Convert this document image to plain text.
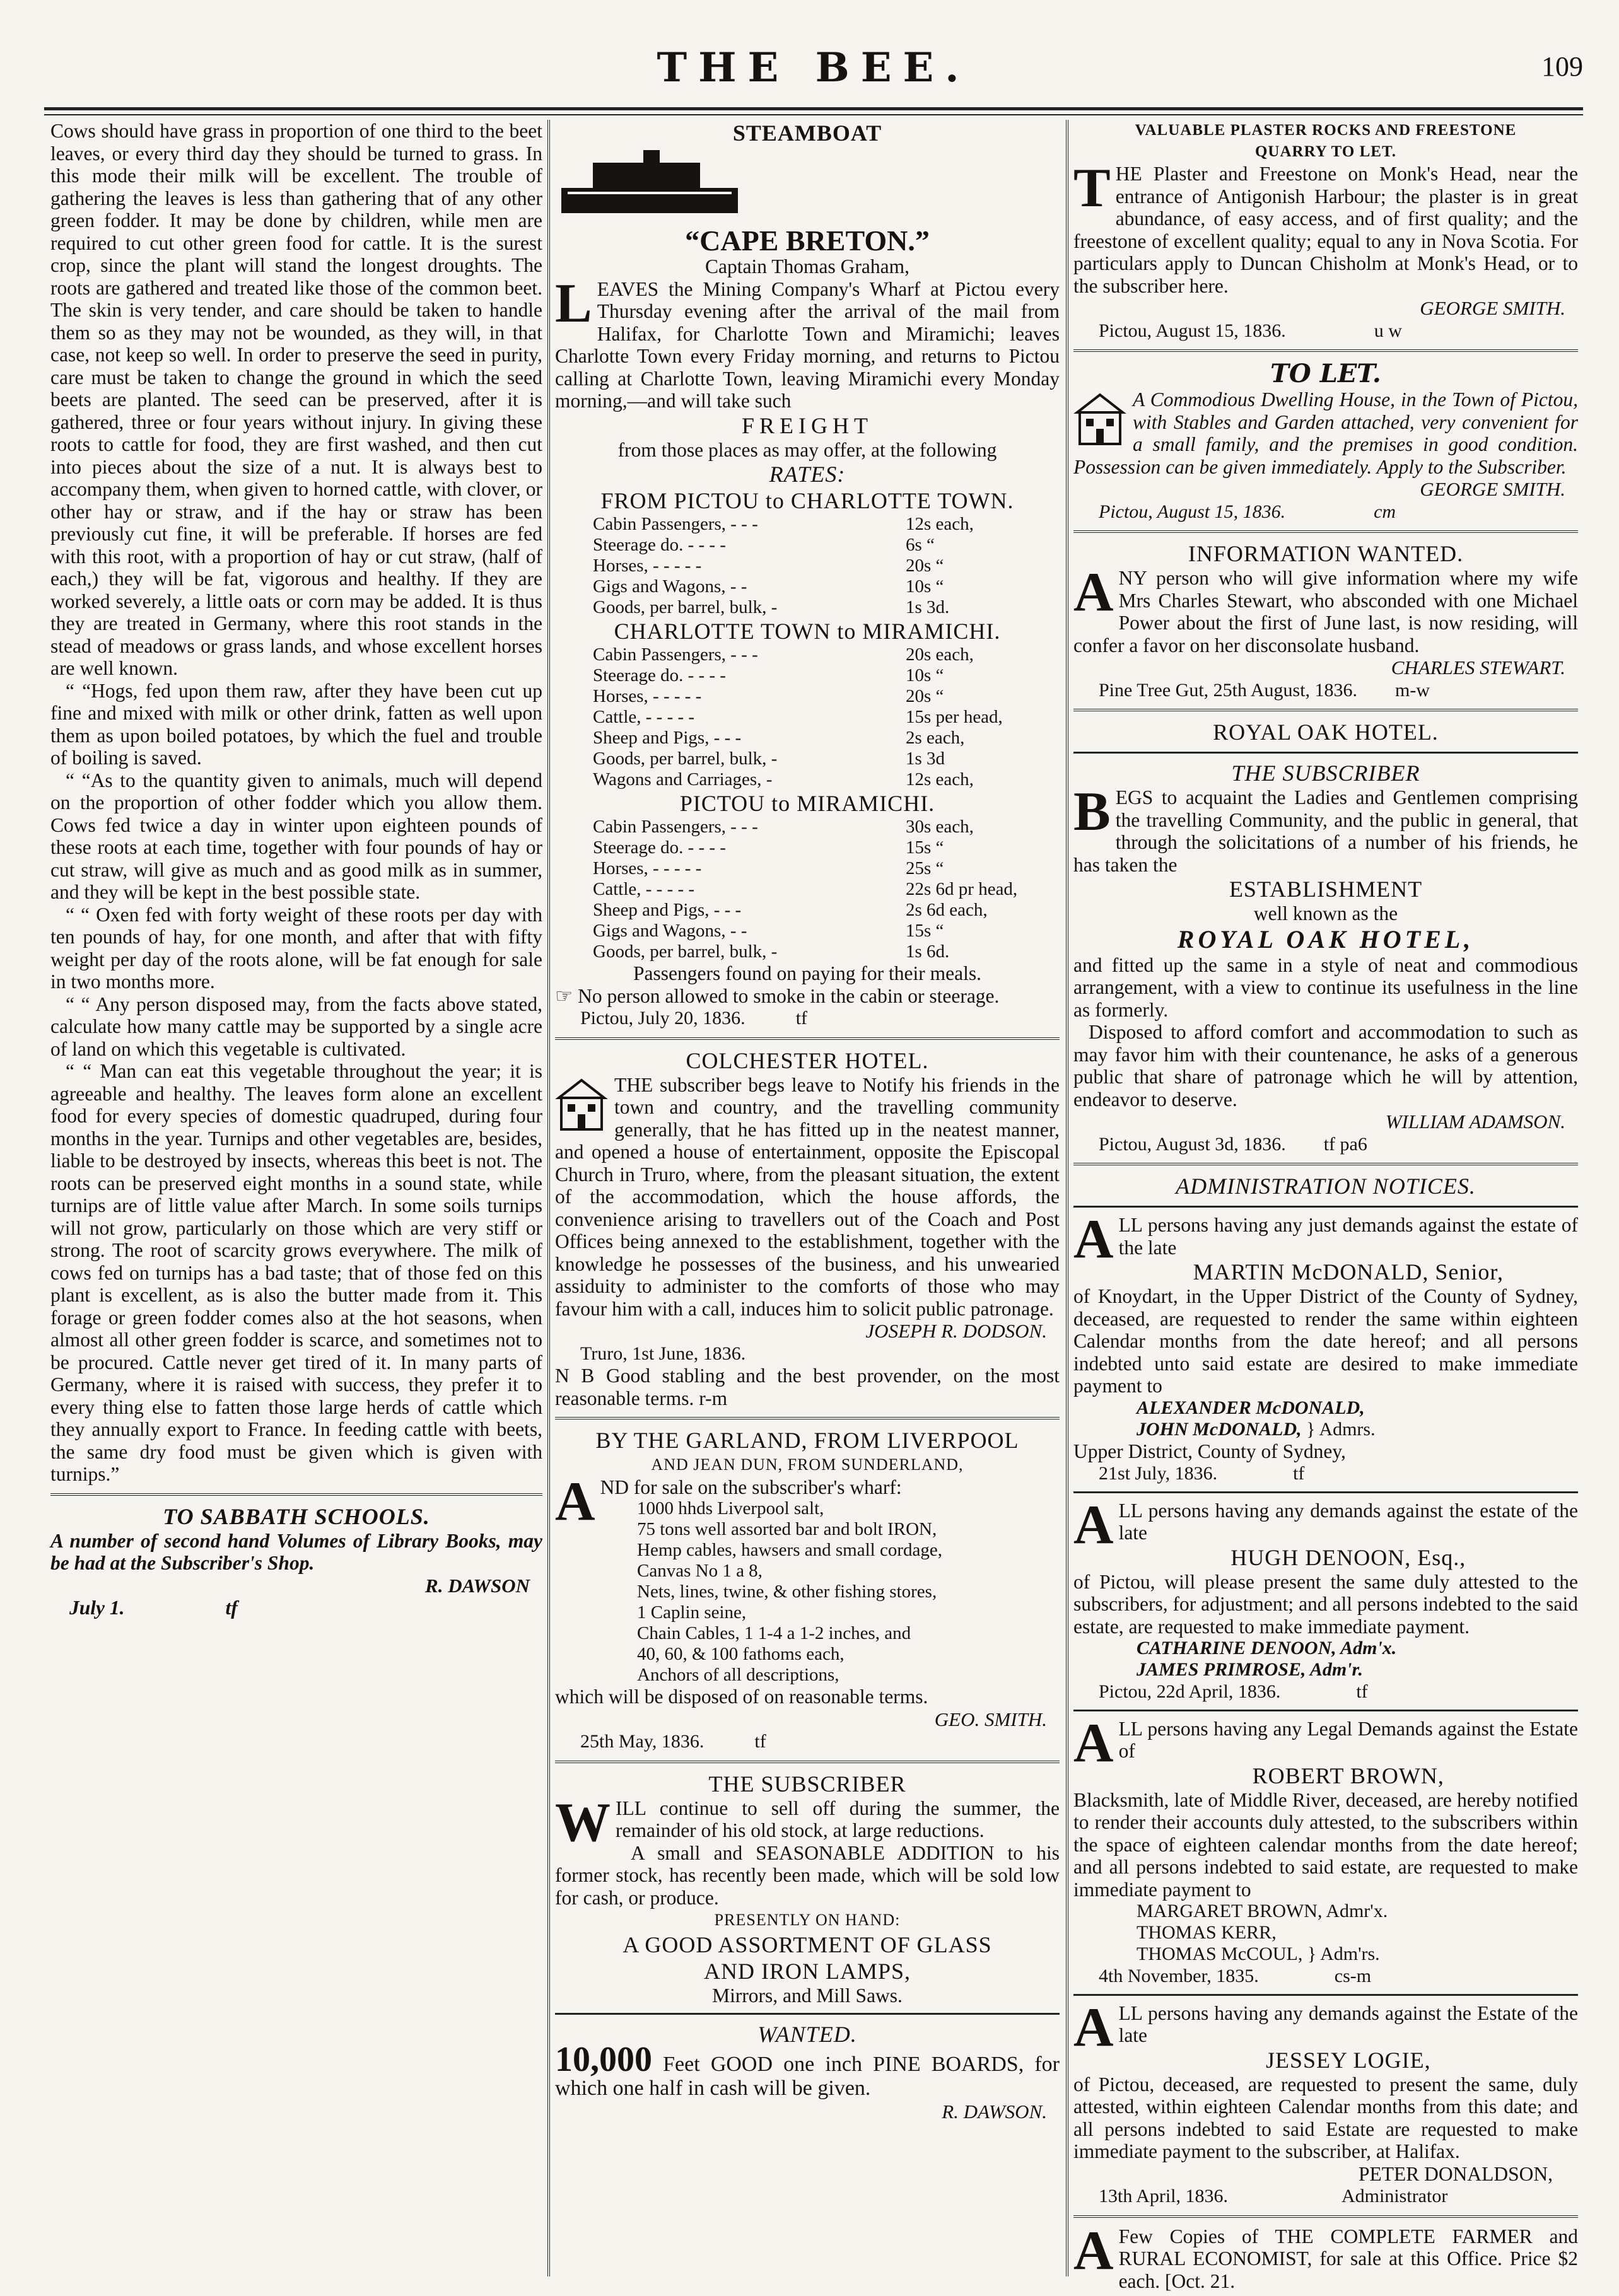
THE BEE.	109

Cows should have grass in proportion of one third to the beet leaves, or every third day they should be turned to grass. In this mode their milk will be excellent. The trouble of gathering the leaves is less than gathering that of any other green fodder. It may be done by children, while men are required to cut other green food for cattle. It is the surest crop, since the plant will stand the longest droughts. The roots are gathered and treated like those of the common beet. The skin is very tender, and care should be taken to handle them so as they may not be wounded, as they will, in that case, not keep so well. In order to preserve the seed in purity, care must be taken to change the ground in which the seed beets are planted. The seed can be preserved, after it is gathered, three or four years without injury. In giving these roots to cattle for food, they are first washed, and then cut into pieces about the size of a nut. It is always best to accompany them, when given to horned cattle, with clover, or other hay or straw, and if the hay or straw has been previously cut fine, it will be preferable. If horses are fed with this root, with a proportion of hay or cut straw, (half of each,) they will be fat, vigorous and healthy. If they are worked severely, a little oats or corn may be added. It is thus they are treated in Germany, where this root stands in the stead of meadows or grass lands, and whose excellent horses are well known.

“ “Hogs, fed upon them raw, after they have been cut up fine and mixed with milk or other drink, fatten as well upon them as upon boiled potatoes, by which the fuel and trouble of boiling is saved.

“ “As to the quantity given to animals, much will depend on the proportion of other fodder which you allow them. Cows fed twice a day in winter upon eighteen pounds of these roots at each time, together with four pounds of hay or cut straw, will give as much and as good milk as in summer, and they will be kept in the best possible state.

“ “ Oxen fed with forty weight of these roots per day with ten pounds of hay, for one month, and after that with fifty weight per day of the roots alone, will be fat enough for sale in two months more.

“ “ Any person disposed may, from the facts above stated, calculate how many cattle may be supported by a single acre of land on which this vegetable is cultivated.

“ “ Man can eat this vegetable throughout the year; it is agreeable and healthy. The leaves form alone an excellent food for every species of domestic quadruped, during four months in the year. Turnips and other vegetables are, besides, liable to be destroyed by insects, whereas this beet is not. The roots can be preserved eight months in a sound state, while turnips are of little value after March. In some soils turnips will not grow, particularly on those which are very stiff or strong. The root of scarcity grows everywhere. The milk of cows fed on turnips has a bad taste; that of those fed on this plant is excellent, as is also the butter made from it. This forage or green fodder comes also at the hot seasons, when almost all other green fodder is scarce, and sometimes not to be procured. Cattle never get tired of it. In many parts of Germany, where it is raised with success, they prefer it to every thing else to fatten those large herds of cattle which they annually export to France. In feeding cattle with beets, the same dry food must be given which is given with turnips.”

TO SABBATH SCHOOLS.

A number of second hand Volumes of Library Books, may be had at the Subscriber's Shop.

R. DAWSON

July 1.	tf

STEAMBOAT

“CAPE BRETON.”

Captain Thomas Graham,

LEAVES the Mining Company's Wharf at Pictou every Thursday evening after the arrival of the mail from Halifax, for Charlotte Town and Miramichi; leaves Charlotte Town every Friday morning, and returns to Pictou calling at Charlotte Town, leaving Miramichi every Monday morning,—and will take such

FREIGHT

from those places as may offer, at the following

RATES:

FROM PICTOU to CHARLOTTE TOWN.

Cabin Passengers, - - -	12s each,
Steerage do. - - - -	6s “
Horses, - - - - -	20s “
Gigs and Wagons, - -	10s “
Goods, per barrel, bulk, -	1s 3d.

CHARLOTTE TOWN to MIRAMICHI.

Cabin Passengers, - - -	20s each,
Steerage do. - - - -	10s “
Horses, - - - - -	20s “
Cattle, - - - - -	15s per head,
Sheep and Pigs, - - -	2s each,
Goods, per barrel, bulk, -	1s 3d
Wagons and Carriages, -	12s each,

PICTOU to MIRAMICHI.

Cabin Passengers, - - -	30s each,
Steerage do. - - - -	15s “
Horses, - - - - -	25s “
Cattle, - - - - -	22s 6d pr head,
Sheep and Pigs, - - -	2s 6d each,
Gigs and Wagons, - -	15s “
Goods, per barrel, bulk, -	1s 6d.

Passengers found on paying for their meals.

☞ No person allowed to smoke in the cabin or steerage.

Pictou, July 20, 1836.	tf

COLCHESTER HOTEL.

THE subscriber begs leave to Notify his friends in the town and country, and the travelling community generally, that he has fitted up in the neatest manner, and opened a house of entertainment, opposite the Episcopal Church in Truro, where, from the pleasant situation, the extent of the accommodation, which the house affords, the convenience arising to travellers out of the Coach and Post Offices being annexed to the establishment, together with the knowledge he possesses of the business, and his unwearied assiduity to administer to the comforts of those who may favour him with a call, induces him to solicit public patronage.

JOSEPH R. DODSON.

Truro, 1st June, 1836.

N B Good stabling and the best provender, on the most reasonable terms. r-m

BY THE GARLAND, FROM LIVERPOOL

AND JEAN DUN, FROM SUNDERLAND,

AND for sale on the subscriber's wharf:

1000 hhds Liverpool salt,

75 tons well assorted bar and bolt IRON,

Hemp cables, hawsers and small cordage,

Canvas No 1 a 8,

Nets, lines, twine, & other fishing stores,

1 Caplin seine,

Chain Cables, 1 1-4 a 1-2 inches, and

40, 60, & 100 fathoms each,

Anchors of all descriptions,

which will be disposed of on reasonable terms.

GEO. SMITH.

25th May, 1836.	tf

THE SUBSCRIBER

WILL continue to sell off during the summer, the remainder of his old stock, at large reductions.

A small and SEASONABLE ADDITION to his former stock, has recently been made, which will be sold low for cash, or produce.

PRESENTLY ON HAND:

A GOOD ASSORTMENT OF GLASS

AND IRON LAMPS,

Mirrors, and Mill Saws.

WANTED.

10,000 Feet GOOD one inch PINE BOARDS, for which one half in cash will be given.

R. DAWSON.

VALUABLE PLASTER ROCKS AND FREESTONE

QUARRY TO LET.

THE Plaster and Freestone on Monk's Head, near the entrance of Antigonish Harbour; the plaster is in great abundance, of easy access, and of first quality; and the freestone of excellent quality; equal to any in Nova Scotia. For particulars apply to Duncan Chisholm at Monk's Head, or to the subscriber here.

GEORGE SMITH.

Pictou, August 15, 1836.	u w

TO LET.

A Commodious Dwelling House, in the Town of Pictou, with Stables and Garden attached, very convenient for a small family, and the premises in good condition. Possession can be given immediately. Apply to the Subscriber.

GEORGE SMITH.

Pictou, August 15, 1836.	cm

INFORMATION WANTED.

ANY person who will give information where my wife Mrs Charles Stewart, who absconded with one Michael Power about the first of June last, is now residing, will confer a favor on her disconsolate husband.

CHARLES STEWART.

Pine Tree Gut, 25th August, 1836. m-w

ROYAL OAK HOTEL.

THE SUBSCRIBER

BEGS to acquaint the Ladies and Gentlemen comprising the travelling Community, and the public in general, that through the solicitations of a number of his friends, he has taken the

ESTABLISHMENT

well known as the

ROYAL OAK HOTEL,

and fitted up the same in a style of neat and commodious arrangement, with a view to continue its usefulness in the line as formerly.

Disposed to afford comfort and accommodation to such as may favor him with their countenance, he asks of a generous public that share of patronage which he will by attention, endeavor to deserve.

WILLIAM ADAMSON.

Pictou, August 3d, 1836. tf pa6

ADMINISTRATION NOTICES.

ALL persons having any just demands against the estate of the late

MARTIN McDONALD, Senior,

of Knoydart, in the Upper District of the County of Sydney, deceased, are requested to render the same within eighteen Calendar months from the date hereof; and all persons indebted unto said estate are desired to make immediate payment to

ALEXANDER McDONALD,

JOHN McDONALD, } Admrs.

Upper District, County of Sydney,

21st July, 1836.	tf

ALL persons having any demands against the estate of the late

HUGH DENOON, Esq.,

of Pictou, will please present the same duly attested to the subscribers, for adjustment; and all persons indebted to the said estate, are requested to make immediate payment.

CATHARINE DENOON, Adm'x.

JAMES PRIMROSE, Adm'r.

Pictou, 22d April, 1836.	tf

ALL persons having any Legal Demands against the Estate of

ROBERT BROWN,

Blacksmith, late of Middle River, deceased, are hereby notified to render their accounts duly attested, to the subscribers within the space of eighteen calendar months from the date hereof; and all persons indebted to said estate, are requested to make immediate payment to

MARGARET BROWN, Admr'x.

THOMAS KERR,

THOMAS McCOUL, } Adm'rs.

4th November, 1835.	cs-m

ALL persons having any demands against the Estate of the late

JESSEY LOGIE,

of Pictou, deceased, are requested to present the same, duly attested, within eighteen Calendar months from this date; and all persons indebted to said Estate are requested to make immediate payment to the subscriber, at Halifax.

PETER DONALDSON,

13th April, 1836.	Administrator

A Few Copies of THE COMPLETE FARMER and RURAL ECONOMIST, for sale at this Office. Price $2 each. [Oct. 21.
